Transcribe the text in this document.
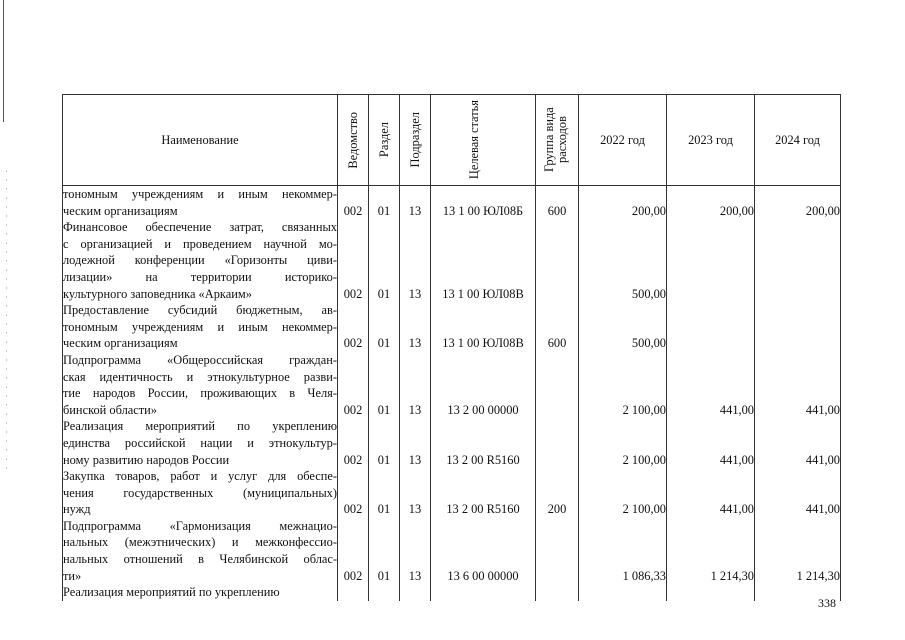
Наименование	Ведомство	Раздел	Подраздел	Целевая статья	Группа вида расходов	2022 год	2023 год	2024 год

тономным учреждениям и иным некоммер-
ческим организациям	002	01	13	13 1 00 ЮЛ08Б	600	200,00	200,00	200,00

Финансовое обеспечение затрат, связанных
с организацией и проведением научной мо-
лодежной конференции «Горизонты циви-
лизации» на территории историко-
культурного заповедника «Аркаим»	002	01	13	13 1 00 ЮЛ08В		500,00		

Предоставление субсидий бюджетным, ав-
тономным учреждениям и иным некоммер-
ческим организациям	002	01	13	13 1 00 ЮЛ08В	600	500,00		

Подпрограмма «Общероссийская граждан-
ская идентичность и этнокультурное разви-
тие народов России, проживающих в Челя-
бинской области»	002	01	13	13 2 00 00000		2 100,00	441,00	441,00

Реализация мероприятий по укреплению
единства российской нации и этнокультур-
ному развитию народов России	002	01	13	13 2 00 R5160		2 100,00	441,00	441,00

Закупка товаров, работ и услуг для обеспе-
чения государственных (муниципальных)
нужд	002	01	13	13 2 00 R5160	200	2 100,00	441,00	441,00

Подпрограмма «Гармонизация межнацио-
нальных (межэтнических) и межконфессио-
нальных отношений в Челябинской облас-
ти»	002	01	13	13 6 00 00000		1 086,33	1 214,30	1 214,30

Реализация мероприятий по укреплению								

338
